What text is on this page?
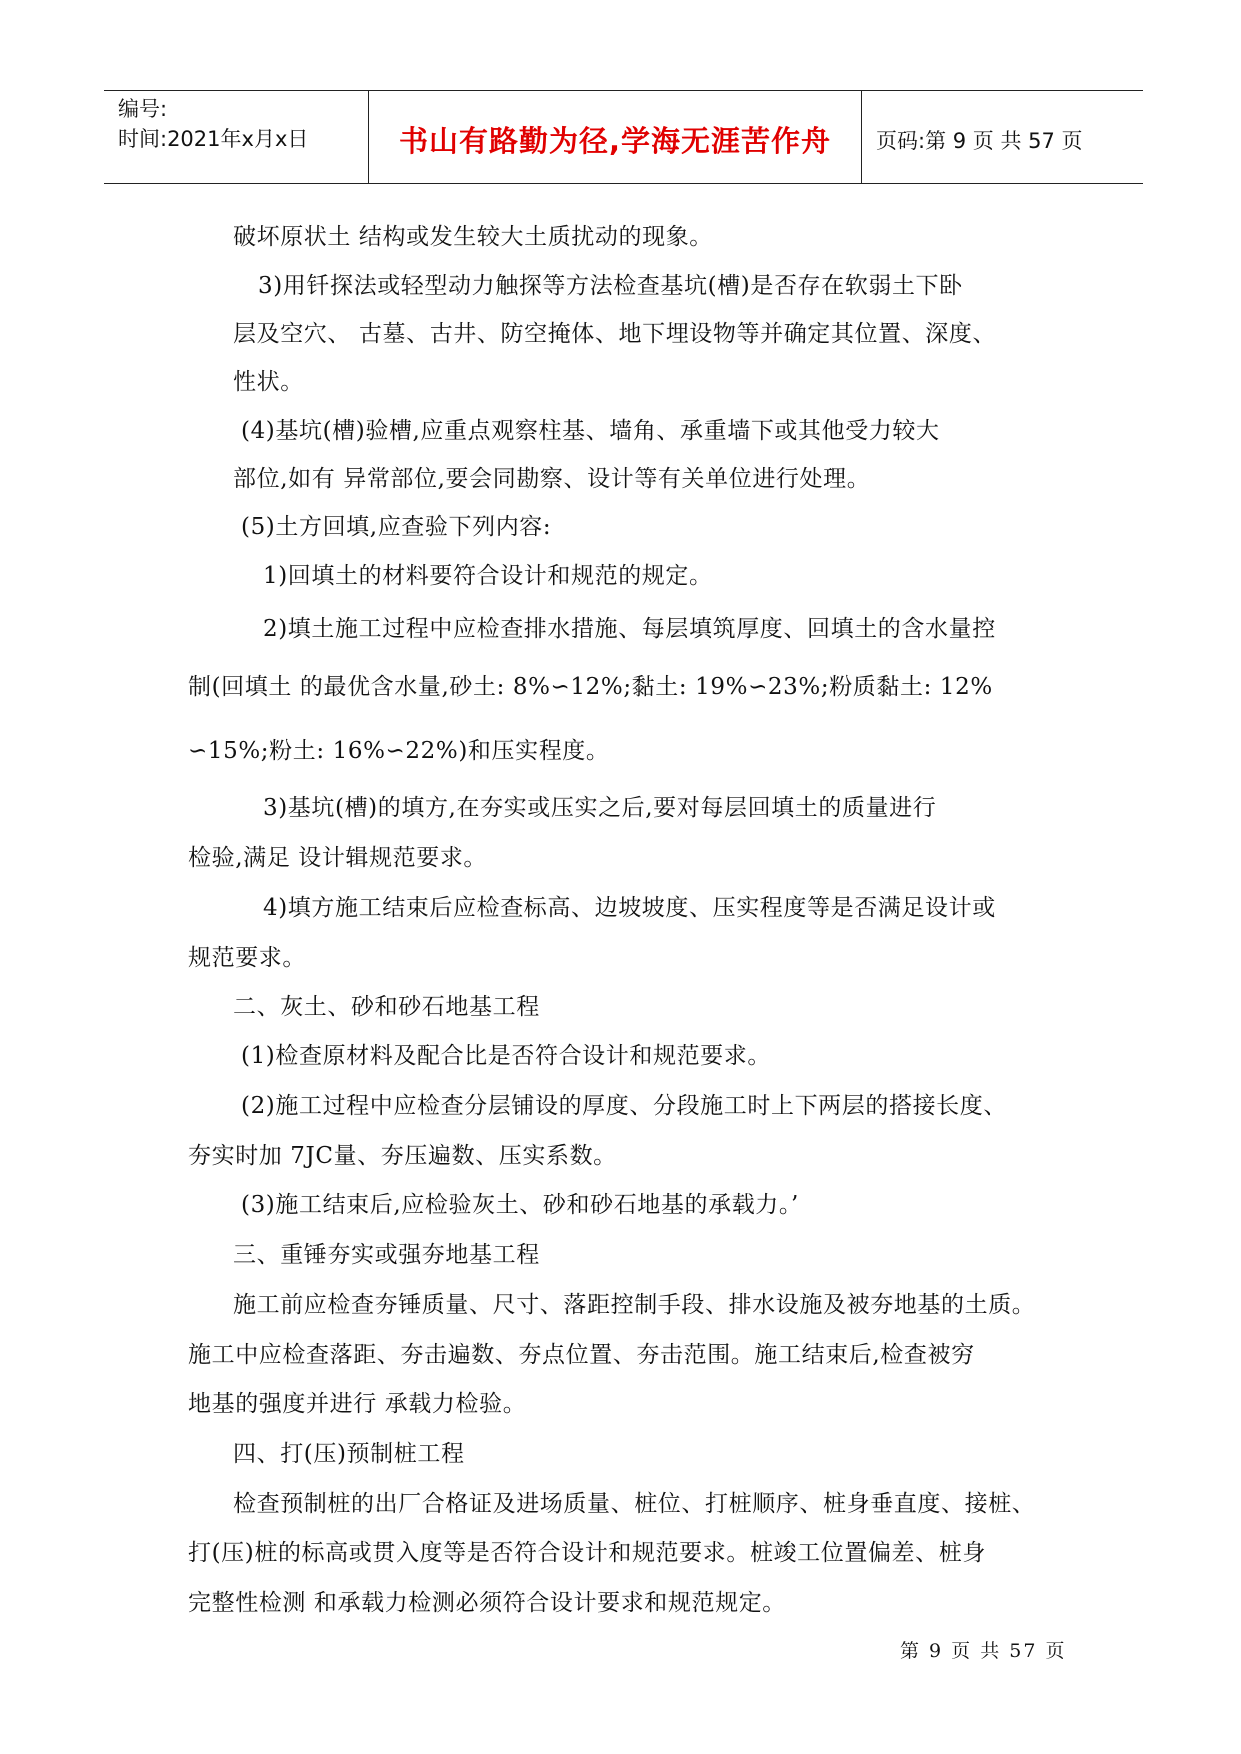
编号:
时间:2021年x月x日	书山有路勤为径,学海无涯苦作舟	页码:第 9 页 共 57 页
破坏原状土 结构或发生较大土质扰动的现象。
3)用钎探法或轻型动力触探等方法检查基坑(槽)是否存在软弱土下卧
层及空穴、 古墓、古井、防空掩体、地下埋设物等并确定其位置、深度、
性状。
(4)基坑(槽)验槽,应重点观察柱基、墙角、承重墙下或其他受力较大
部位,如有 异常部位,要会同勘察、设计等有关单位进行处理。
(5)土方回填,应查验下列内容:
1)回填土的材料要符合设计和规范的规定。
2)填土施工过程中应检查排水措施、每层填筑厚度、回填土的含水量控
制(回填土 的最优含水量,砂土: 8%∽12%;黏土: 19%∽23%;粉质黏土: 12%
∽15%;粉土: 16%∽22%)和压实程度。
3)基坑(槽)的填方,在夯实或压实之后,要对每层回填土的质量进行
检验,满足 设计辑规范要求。
4)填方施工结束后应检查标高、边坡坡度、压实程度等是否满足设计或
规范要求。
二、灰土、砂和砂石地基工程
(1)检查原材料及配合比是否符合设计和规范要求。
(2)施工过程中应检查分层铺设的厚度、分段施工时上下两层的搭接长度、
夯实时加 7JC量、夯压遍数、压实系数。
(3)施工结束后,应检验灰土、砂和砂石地基的承载力。’
三、重锤夯实或强夯地基工程
施工前应检查夯锤质量、尺寸、落距控制手段、排水设施及被夯地基的土质。
施工中应检查落距、夯击遍数、夯点位置、夯击范围。施工结束后,检查被穷
地基的强度并进行 承载力检验。
四、打(压)预制桩工程
检查预制桩的出厂合格证及进场质量、桩位、打桩顺序、桩身垂直度、接桩、
打(压)桩的标高或贯入度等是否符合设计和规范要求。桩竣工位置偏差、桩身
完整性检测 和承载力检测必须符合设计要求和规范规定。
第 9 页 共 57 页
